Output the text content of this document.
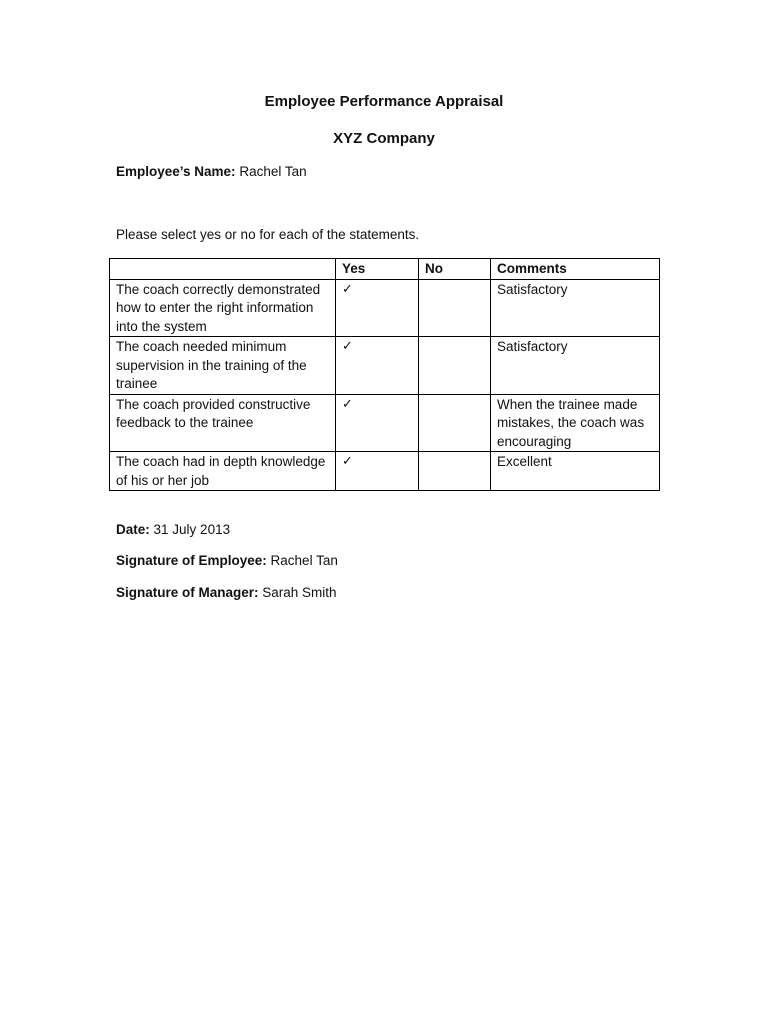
Employee Performance Appraisal
XYZ Company
Employee’s Name: Rachel Tan
Please select yes or no for each of the statements.
	Yes	No	Comments
The coach correctly demonstrated how to enter the right information into the system	✓		Satisfactory
The coach needed minimum supervision in the training of the trainee	✓		Satisfactory
The coach provided constructive feedback to the trainee	✓		When the trainee made mistakes, the coach was encouraging
The coach had in depth knowledge of his or her job	✓		Excellent
Date: 31 July 2013
Signature of Employee: Rachel Tan
Signature of Manager: Sarah Smith
